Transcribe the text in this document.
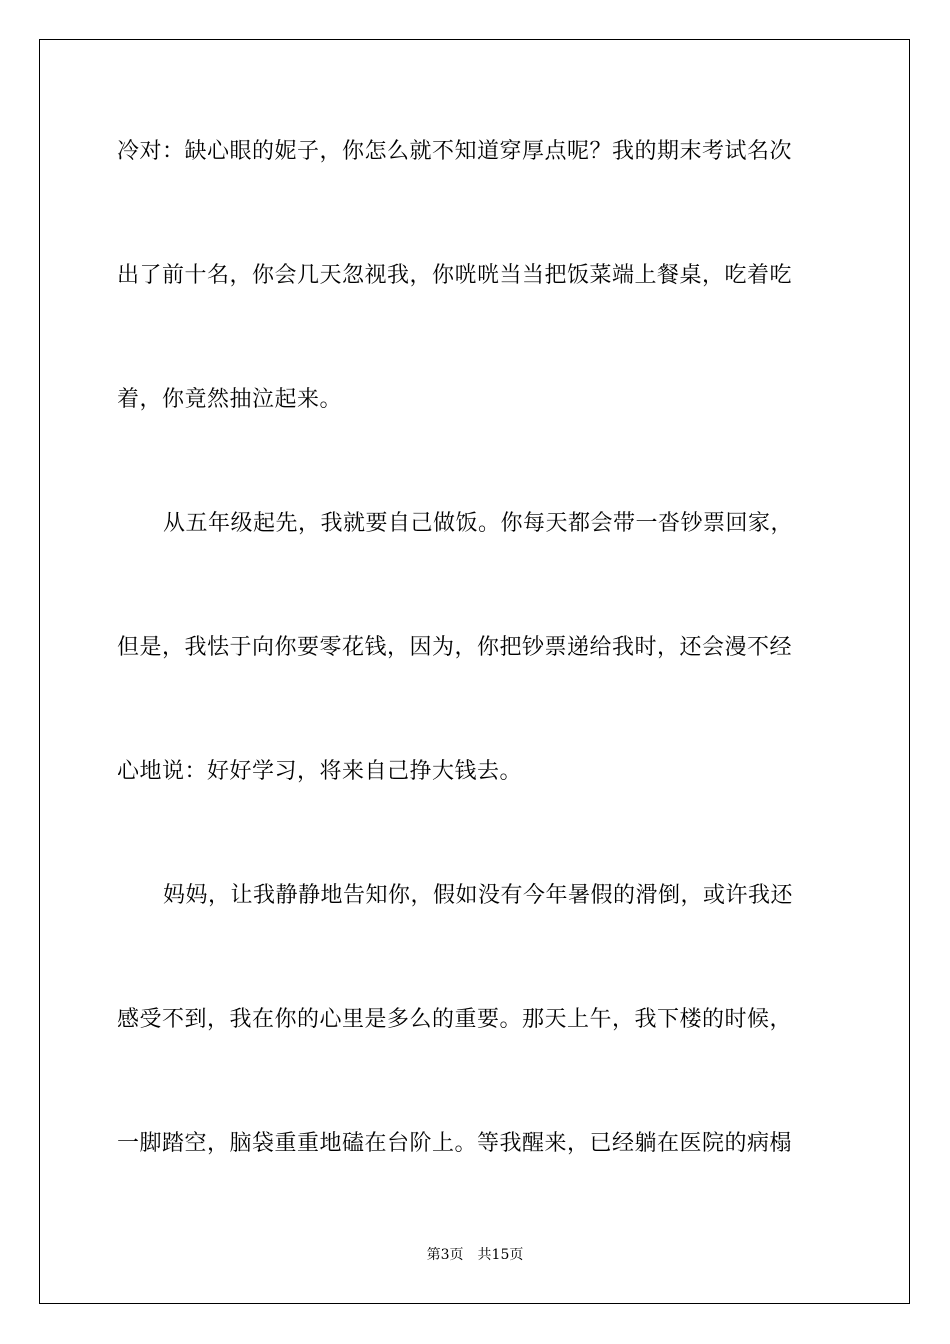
冷对：缺心眼的妮子，你怎么就不知道穿厚点呢？我的期末考试名次

出了前十名，你会几天忽视我，你咣咣当当把饭菜端上餐桌，吃着吃

着，你竟然抽泣起来。

从五年级起先，我就要自己做饭。你每天都会带一沓钞票回家，

但是，我怯于向你要零花钱，因为，你把钞票递给我时，还会漫不经

心地说：好好学习，将来自己挣大钱去。

妈妈，让我静静地告知你，假如没有今年暑假的滑倒，或许我还

感受不到，我在你的心里是多么的重要。那天上午，我下楼的时候，

一脚踏空，脑袋重重地磕在台阶上。等我醒来，已经躺在医院的病榻

第3页 共15页
